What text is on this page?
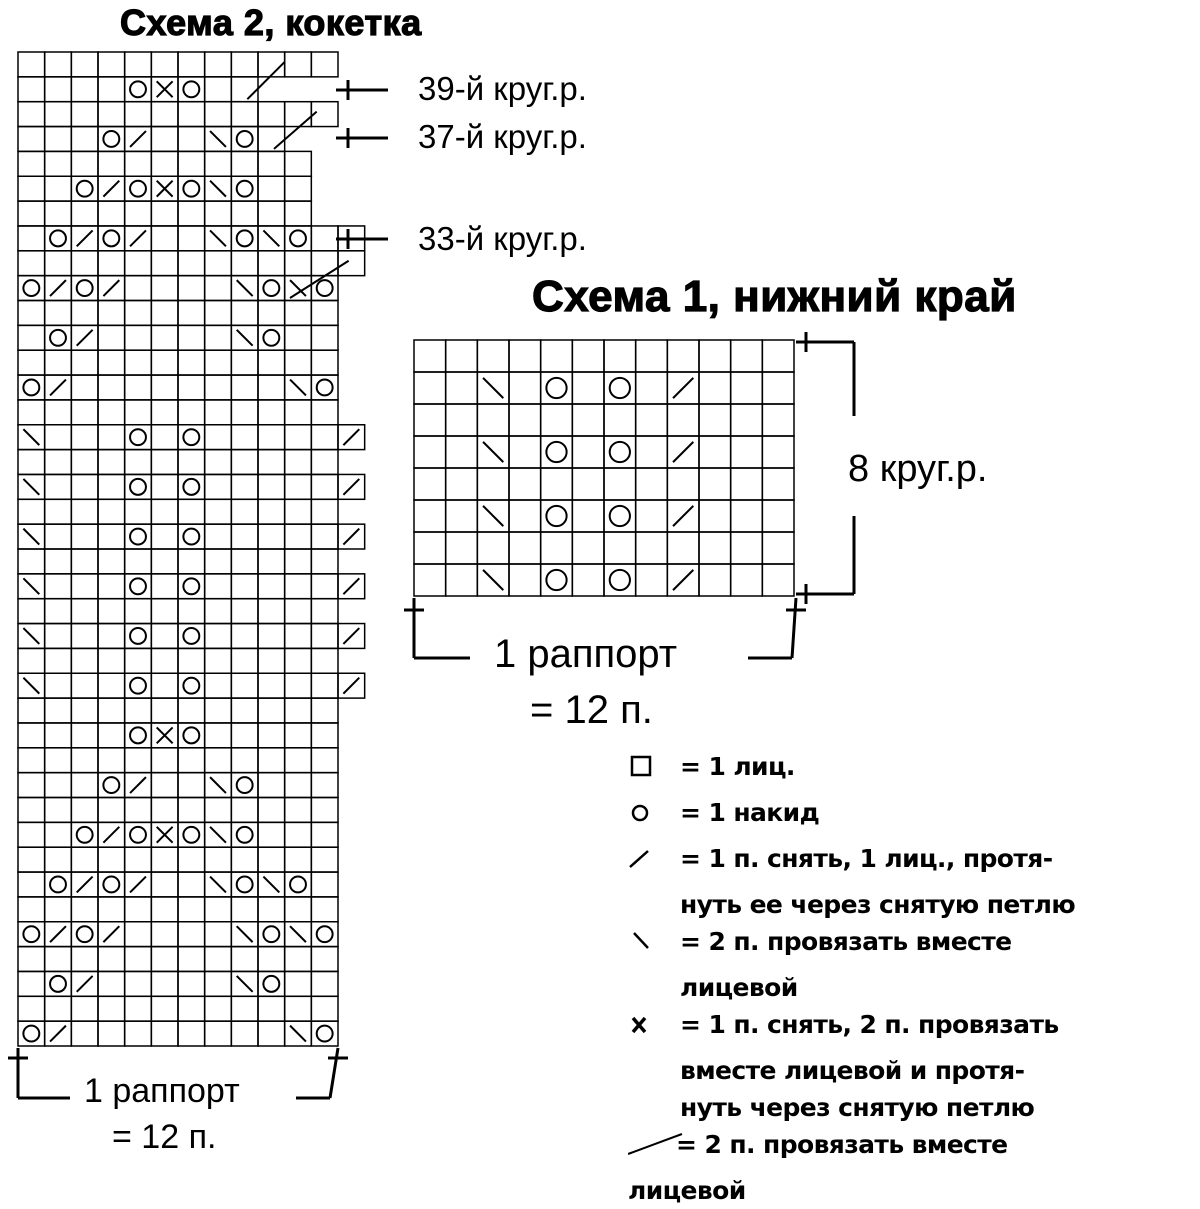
Схема 2, кокетка
Схема 1, нижний край
39-й круг.р.
37-й круг.р.
33-й круг.р.
1 раппорт
= 12 п.
8 круг.р.
1 раппорт
= 12 п.
= 1 лиц.
= 1 накид
= 1 п. снять, 1 лиц., протя-
нуть ее через снятую петлю
= 2 п. провязать вместе
лицевой
= 1 п. снять, 2 п. провязать
вместе лицевой и протя-
нуть через снятую петлю
= 2 п. провязать вместе
лицевой
